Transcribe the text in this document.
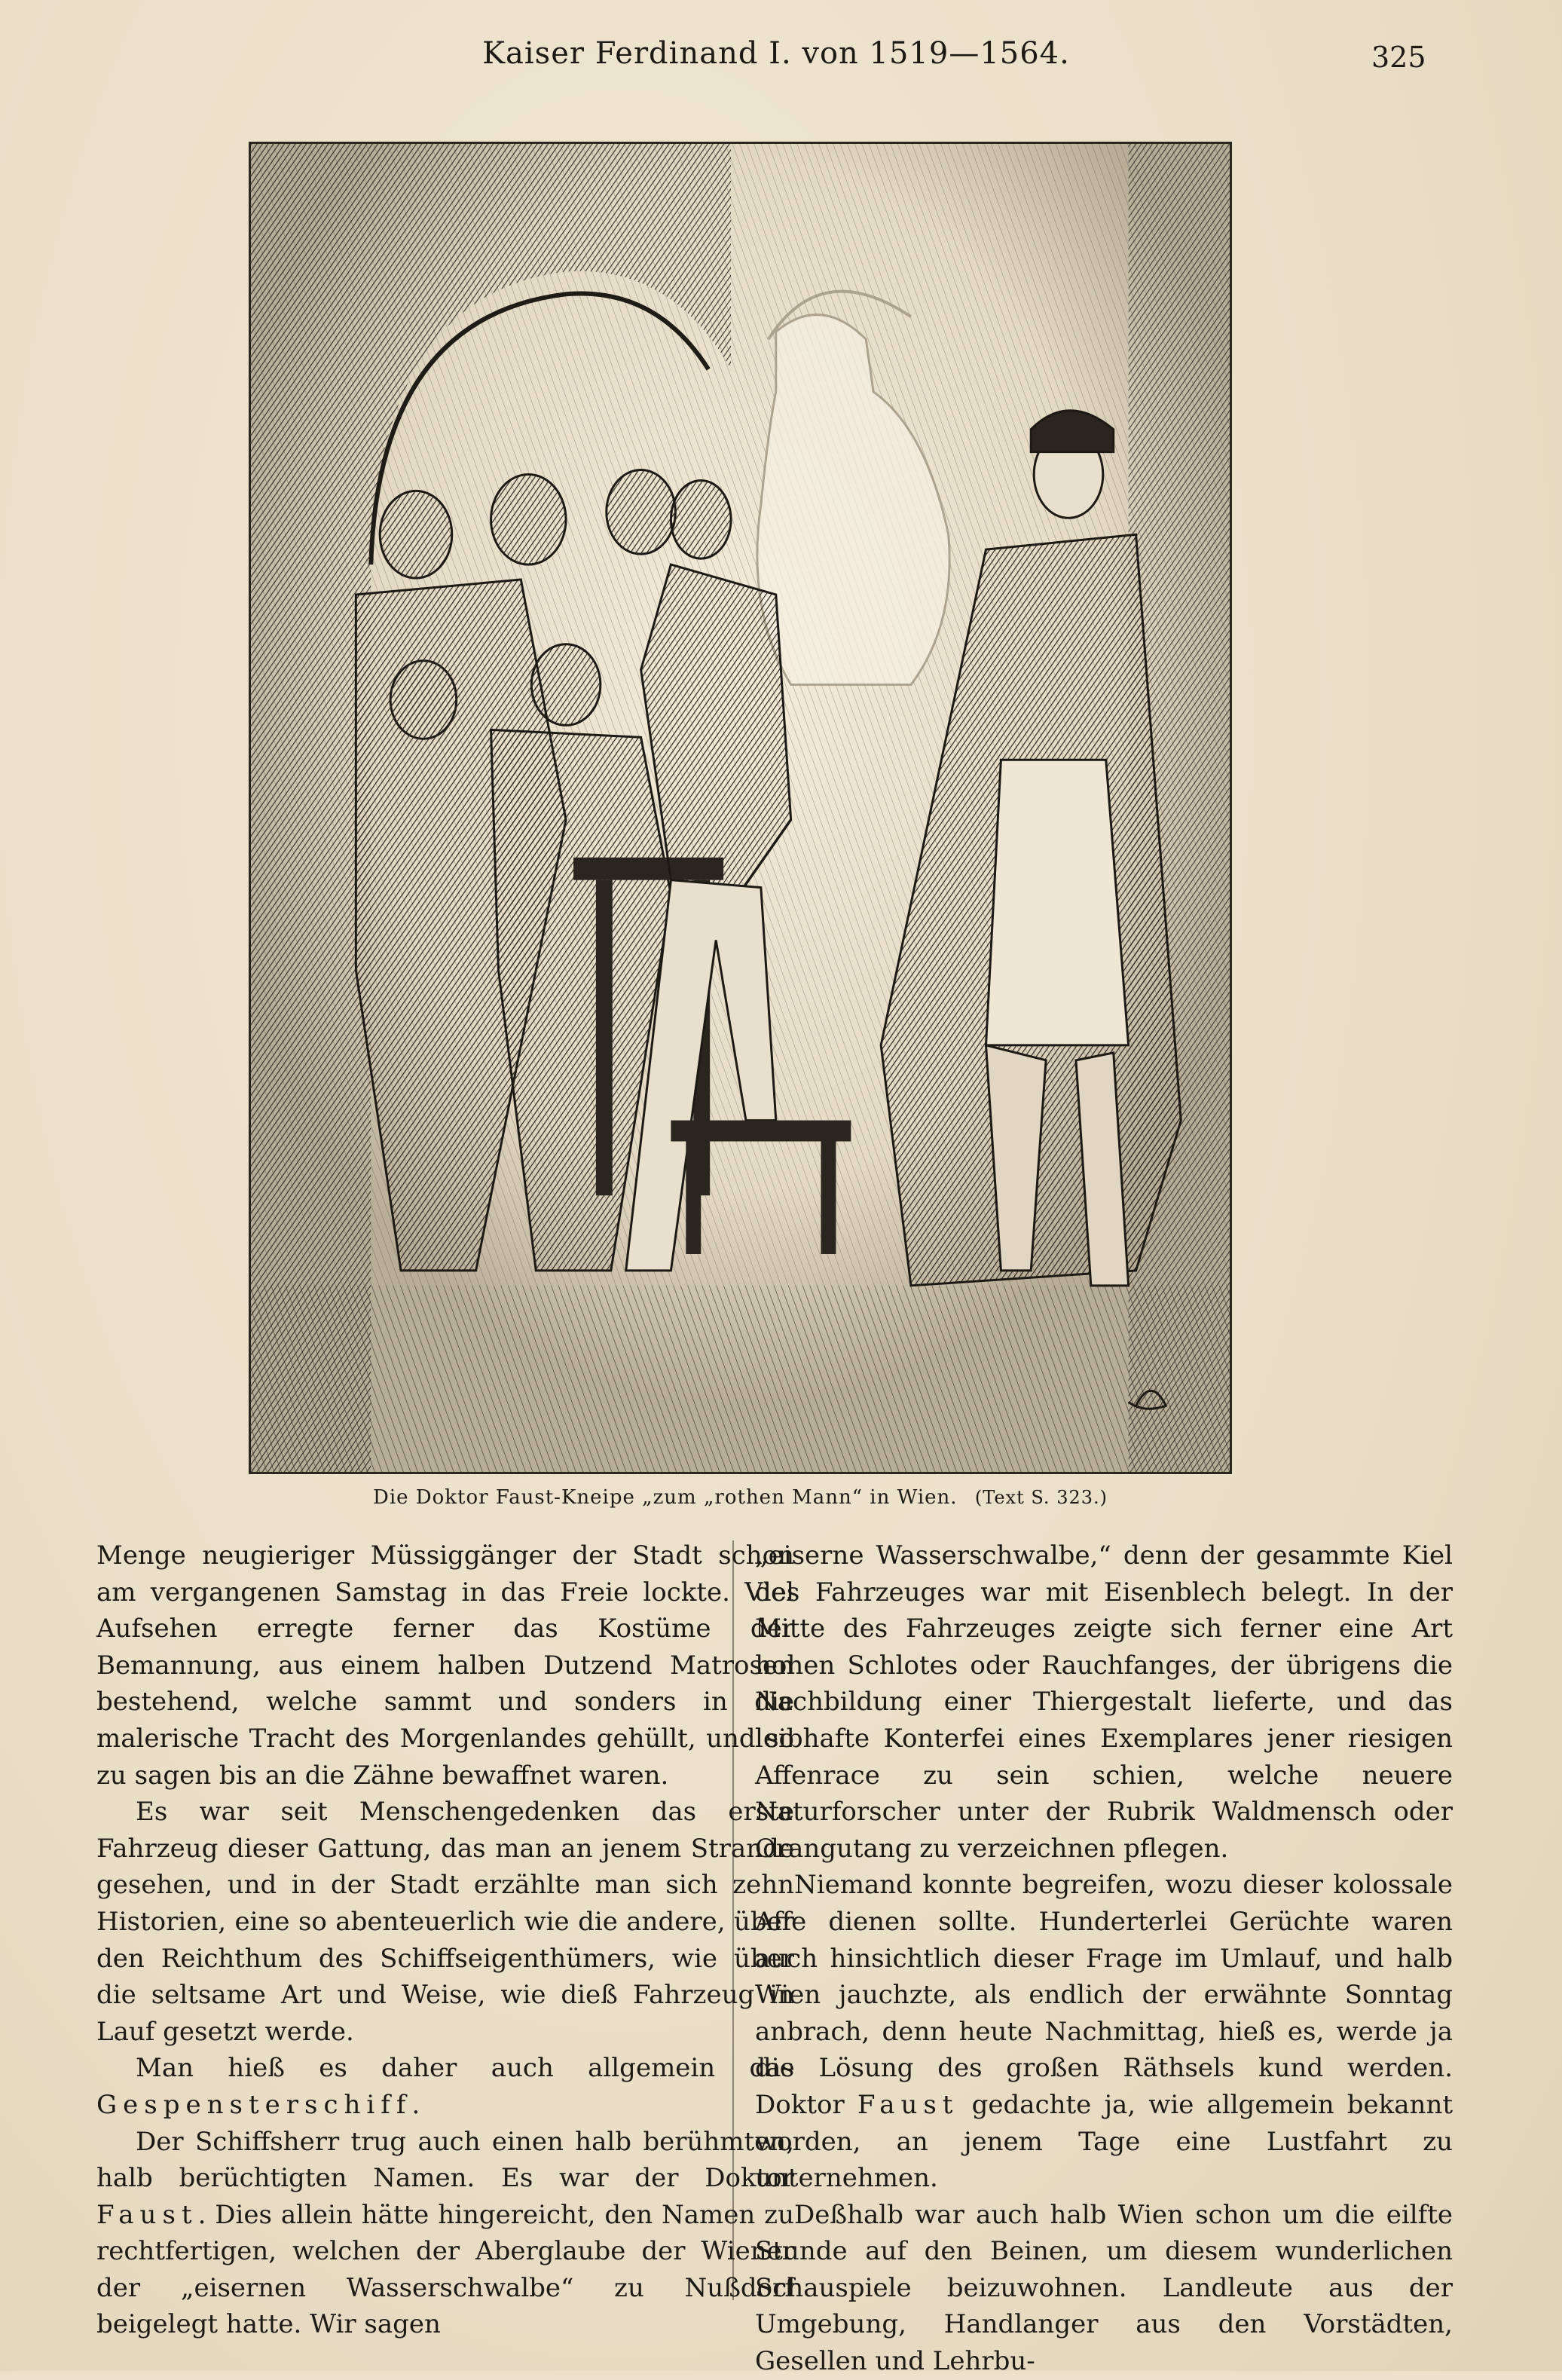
Kaiser Ferdinand I. von 1519—1564.	325
Die Doktor Faust-Kneipe „zum „rothen Mann“ in Wien. (Text S. 323.)

Menge neugieriger Müssiggänger der Stadt schon am vergangenen Samstag in das Freie lockte. Viel Aufsehen erregte ferner das Kostüme der Bemannung, aus einem halben Dutzend Matrosen bestehend, welche sammt und sonders in die malerische Tracht des Morgenlandes gehüllt, und so zu sagen bis an die Zähne bewaffnet waren.

Es war seit Menschengedenken das erste Fahrzeug dieser Gattung, das man an jenem Strande gesehen, und in der Stadt erzählte man sich zehn Historien, eine so abenteuerlich wie die andere, über den Reichthum des Schiffseigenthümers, wie über die seltsame Art und Weise, wie dieß Fahrzeug in Lauf gesetzt werde.

Man hieß es daher auch allgemein das Gespensterschiff.

Der Schiffsherr trug auch einen halb berühmten, halb berüchtigten Namen. Es war der Doktor Faust. Dies allein hätte hingereicht, den Namen zu rechtfertigen, welchen der Aberglaube der Wiener der „eisernen Wasserschwalbe“ zu Nußdorf beigelegt hatte. Wir sagen

„eiserne Wasserschwalbe,“ denn der gesammte Kiel des Fahrzeuges war mit Eisenblech belegt. In der Mitte des Fahrzeuges zeigte sich ferner eine Art hohen Schlotes oder Rauchfanges, der übrigens die Nachbildung einer Thiergestalt lieferte, und das leibhafte Konterfei eines Exemplares jener riesigen Affenrace zu sein schien, welche neuere Naturforscher unter der Rubrik Waldmensch oder Orangutang zu verzeichnen pflegen.

Niemand konnte begreifen, wozu dieser kolossale Affe dienen sollte. Hunderterlei Gerüchte waren auch hinsichtlich dieser Frage im Umlauf, und halb Wien jauchzte, als endlich der erwähnte Sonntag anbrach, denn heute Nachmittag, hieß es, werde ja die Lösung des großen Räthsels kund werden. Doktor Faust gedachte ja, wie allgemein bekannt worden, an jenem Tage eine Lustfahrt zu unternehmen.

Deßhalb war auch halb Wien schon um die eilfte Stunde auf den Beinen, um diesem wunderlichen Schauspiele beizuwohnen. Landleute aus der Umgebung, Handlanger aus den Vorstädten, Gesellen und Lehrbu-
